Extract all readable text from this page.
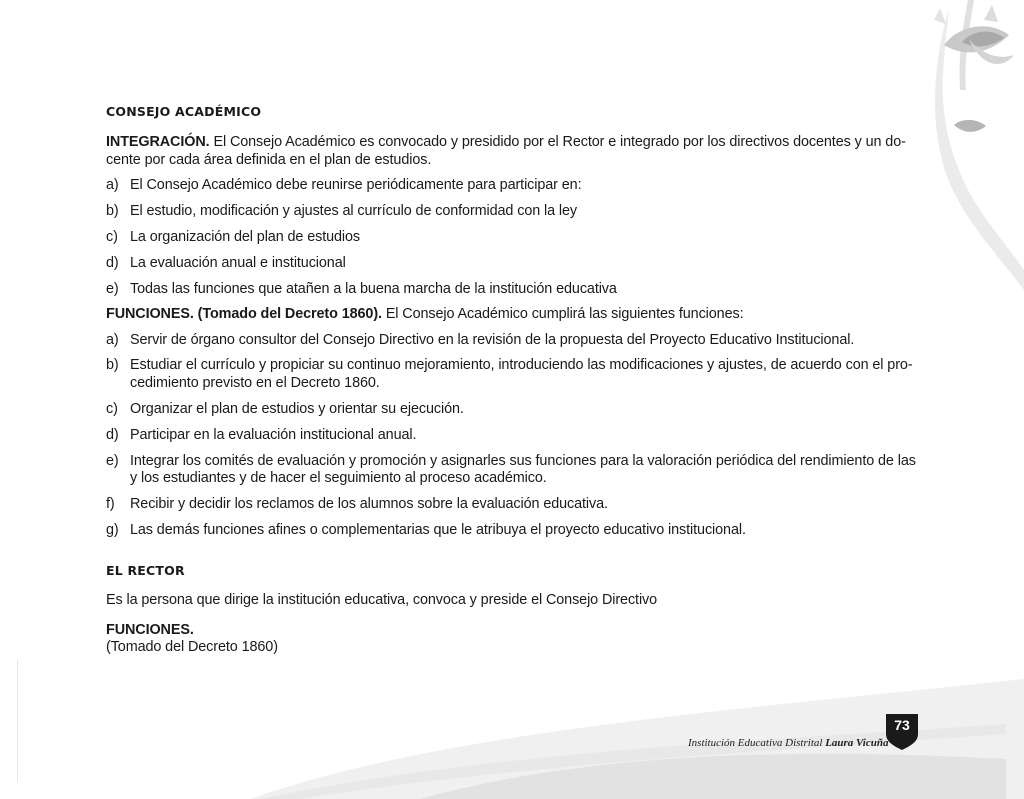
CONSEJO ACADÉMICO

INTEGRACIÓN. El Consejo Académico es convocado y presidido por el Rector e integrado por los directivos docentes y un do-cente por cada área definida en el plan de estudios.

a) El Consejo Académico debe reunirse periódicamente para participar en:
b) El estudio, modificación y ajustes al currículo de conformidad con la ley
c) La organización del plan de estudios
d) La evaluación anual e institucional
e) Todas las funciones que atañen a la buena marcha de la institución educativa

FUNCIONES. (Tomado del Decreto 1860). El Consejo Académico cumplirá las siguientes funciones:

a) Servir de órgano consultor del Consejo Directivo en la revisión de la propuesta del Proyecto Educativo Institucional.
b) Estudiar el currículo y propiciar su continuo mejoramiento, introduciendo las modificaciones y ajustes, de acuerdo con el pro-cedimiento previsto en el Decreto 1860.
c) Organizar el plan de estudios y orientar su ejecución.
d) Participar en la evaluación institucional anual.
e) Integrar los comités de evaluación y promoción y asignarles sus funciones para la valoración periódica del rendimiento de las y los estudiantes y de hacer el seguimiento al proceso académico.
f)	Recibir y decidir los reclamos de los alumnos sobre la evaluación educativa.
g) Las demás funciones afines o complementarias que le atribuya el proyecto educativo institucional.
EL RECTOR

Es la persona que dirige la institución educativa, convoca y preside el Consejo Directivo

FUNCIONES.
(Tomado del Decreto 1860)

Institución Educativa Distrital Laura Vicuña
73
